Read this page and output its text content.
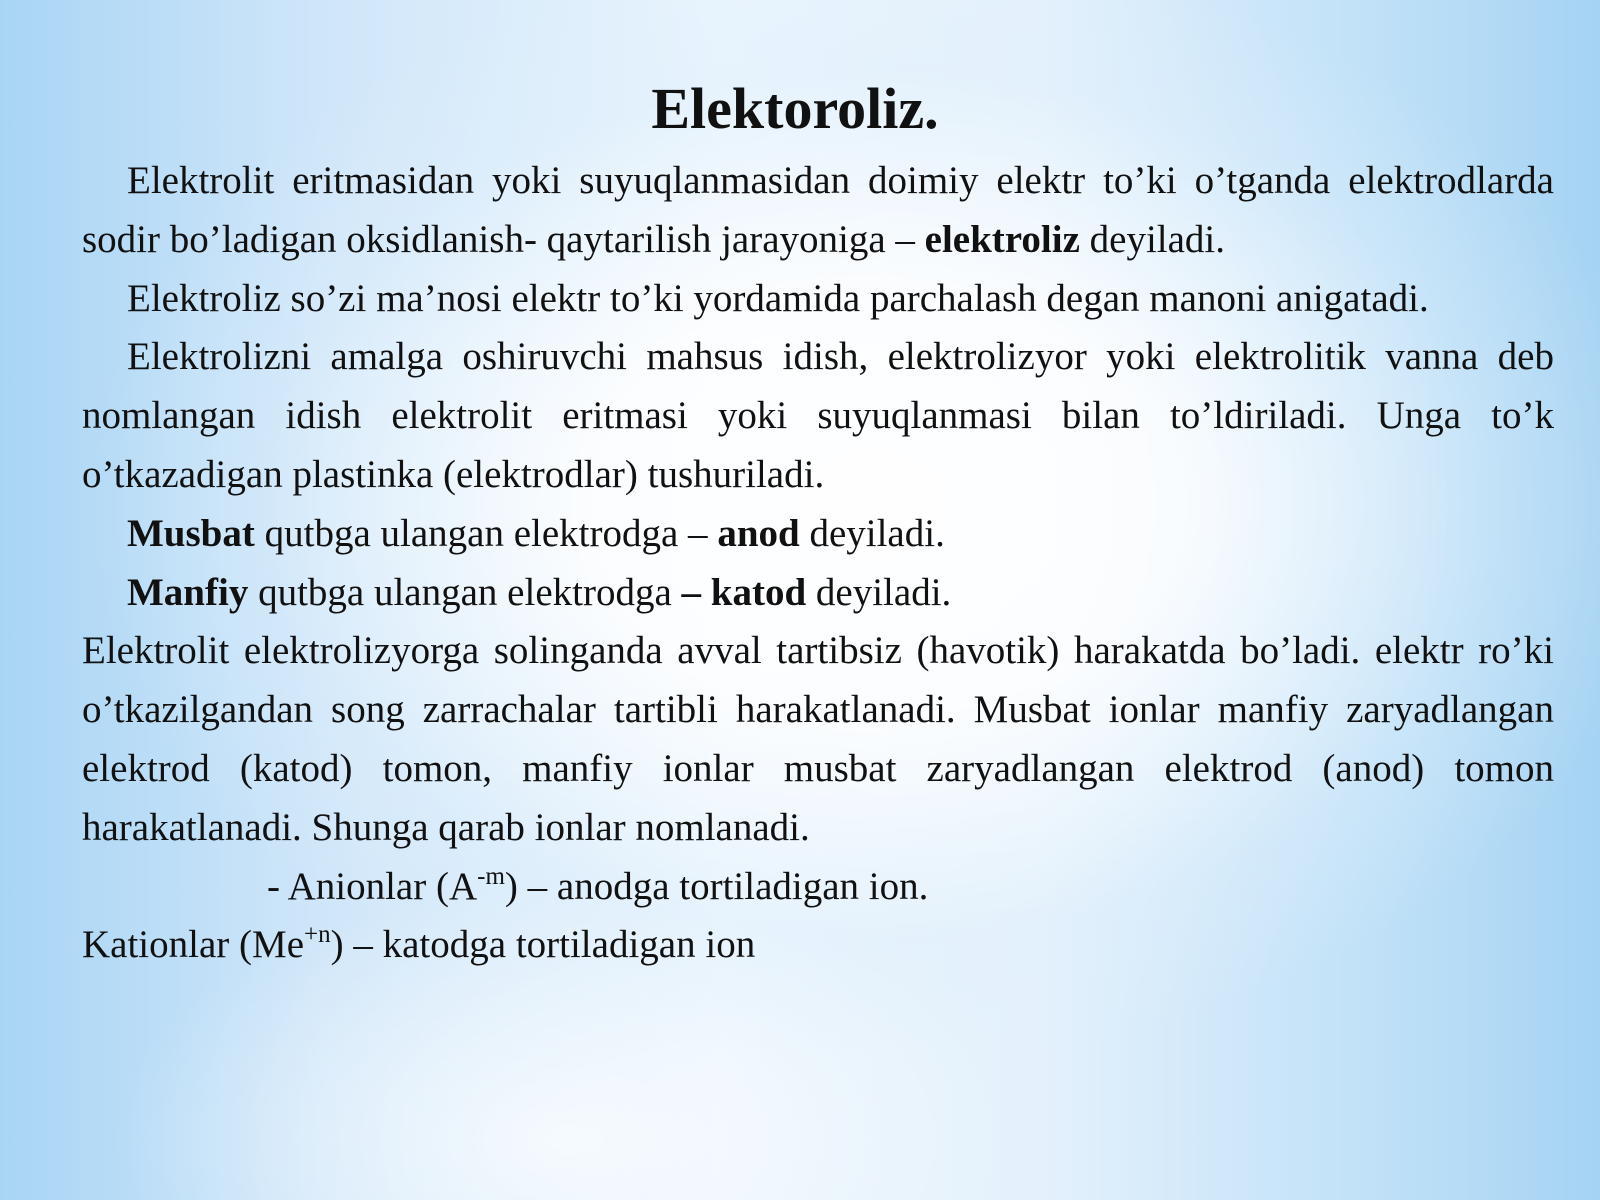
Elektoroliz.

Elektrolit eritmasidan yoki suyuqlanmasidan doimiy elektr to’ki o’tganda elektrodlarda sodir bo’ladigan oksidlanish- qaytarilish jarayoniga – elektroliz deyiladi.

Elektroliz so’zi ma’nosi elektr to’ki yordamida parchalash degan manoni anigatadi.

Elektrolizni amalga oshiruvchi mahsus idish, elektrolizyor yoki elektrolitik vanna deb nomlangan idish elektrolit eritmasi yoki suyuqlanmasi bilan to’ldiriladi. Unga to’k o’tkazadigan plastinka (elektrodlar) tushuriladi.

Musbat qutbga ulangan elektrodga – anod deyiladi.

Manfiy qutbga ulangan elektrodga – katod deyiladi.

Elektrolit elektrolizyorga solinganda avval tartibsiz (havotik) harakatda bo’ladi. elektr ro’ki o’tkazilgandan song zarrachalar tartibli harakatlanadi. Musbat ionlar manfiy zaryadlangan elektrod (katod) tomon, manfiy ionlar musbat zaryadlangan elektrod (anod) tomon harakatlanadi. Shunga qarab ionlar nomlanadi.

- Anionlar $(A^{-m})$ – anodga tortiladigan ion.

Kationlar $(Me^{+n})$ – katodga tortiladigan ion
